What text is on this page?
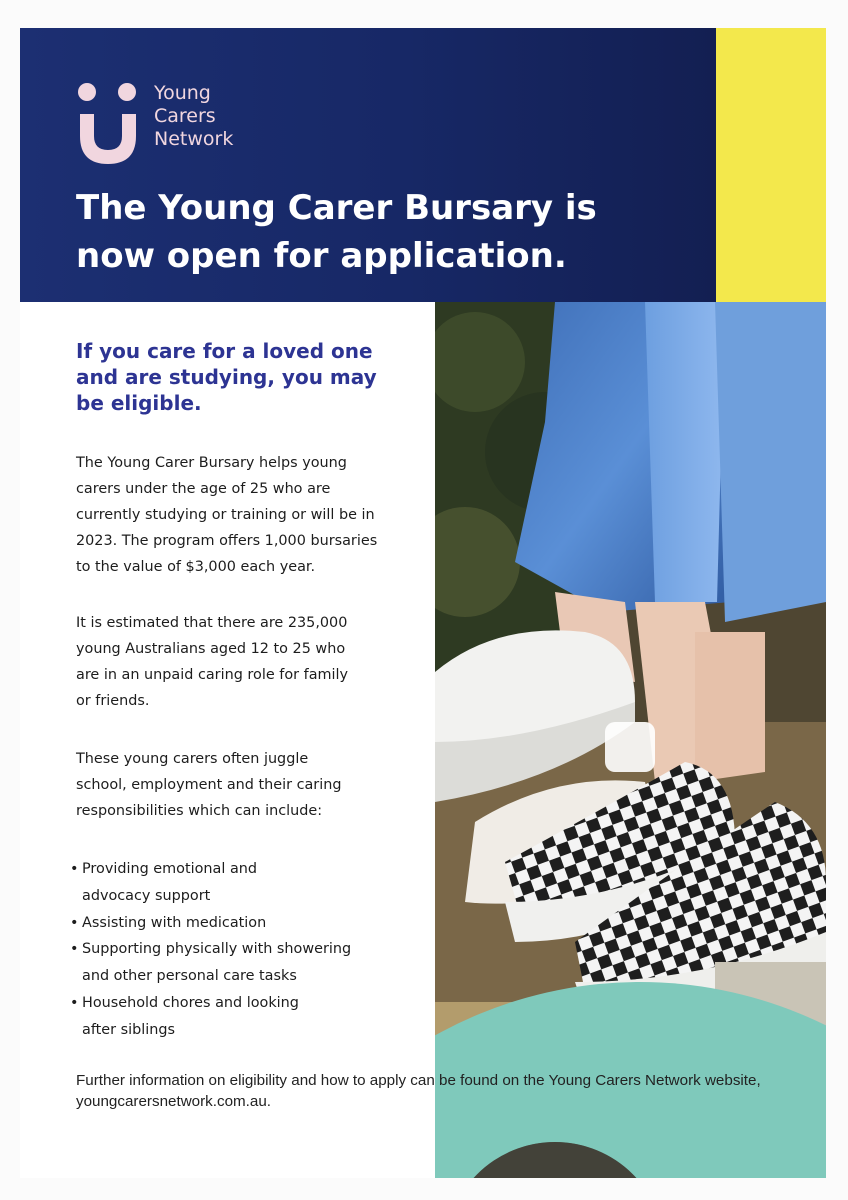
Young
Carers
Network
The Young Carer Bursary is
now open for application.
If you care for a loved one
and are studying, you may
be eligible.

The Young Carer Bursary helps young
carers under the age of 25 who are
currently studying or training or will be in
2023. The program offers 1,000 bursaries
to the value of $3,000 each year.

It is estimated that there are 235,000
young Australians aged 12 to 25 who
are in an unpaid caring role for family
or friends.

These young carers often juggle
school, employment and their caring
responsibilities which can include:

• Providing emotional and
advocacy support
• Assisting with medication
• Supporting physically with showering
and other personal care tasks
• Household chores and looking
after siblings

Further information on eligibility and how to apply can be found on the Young Carers Network website,
youngcarersnetwork.com.au.
